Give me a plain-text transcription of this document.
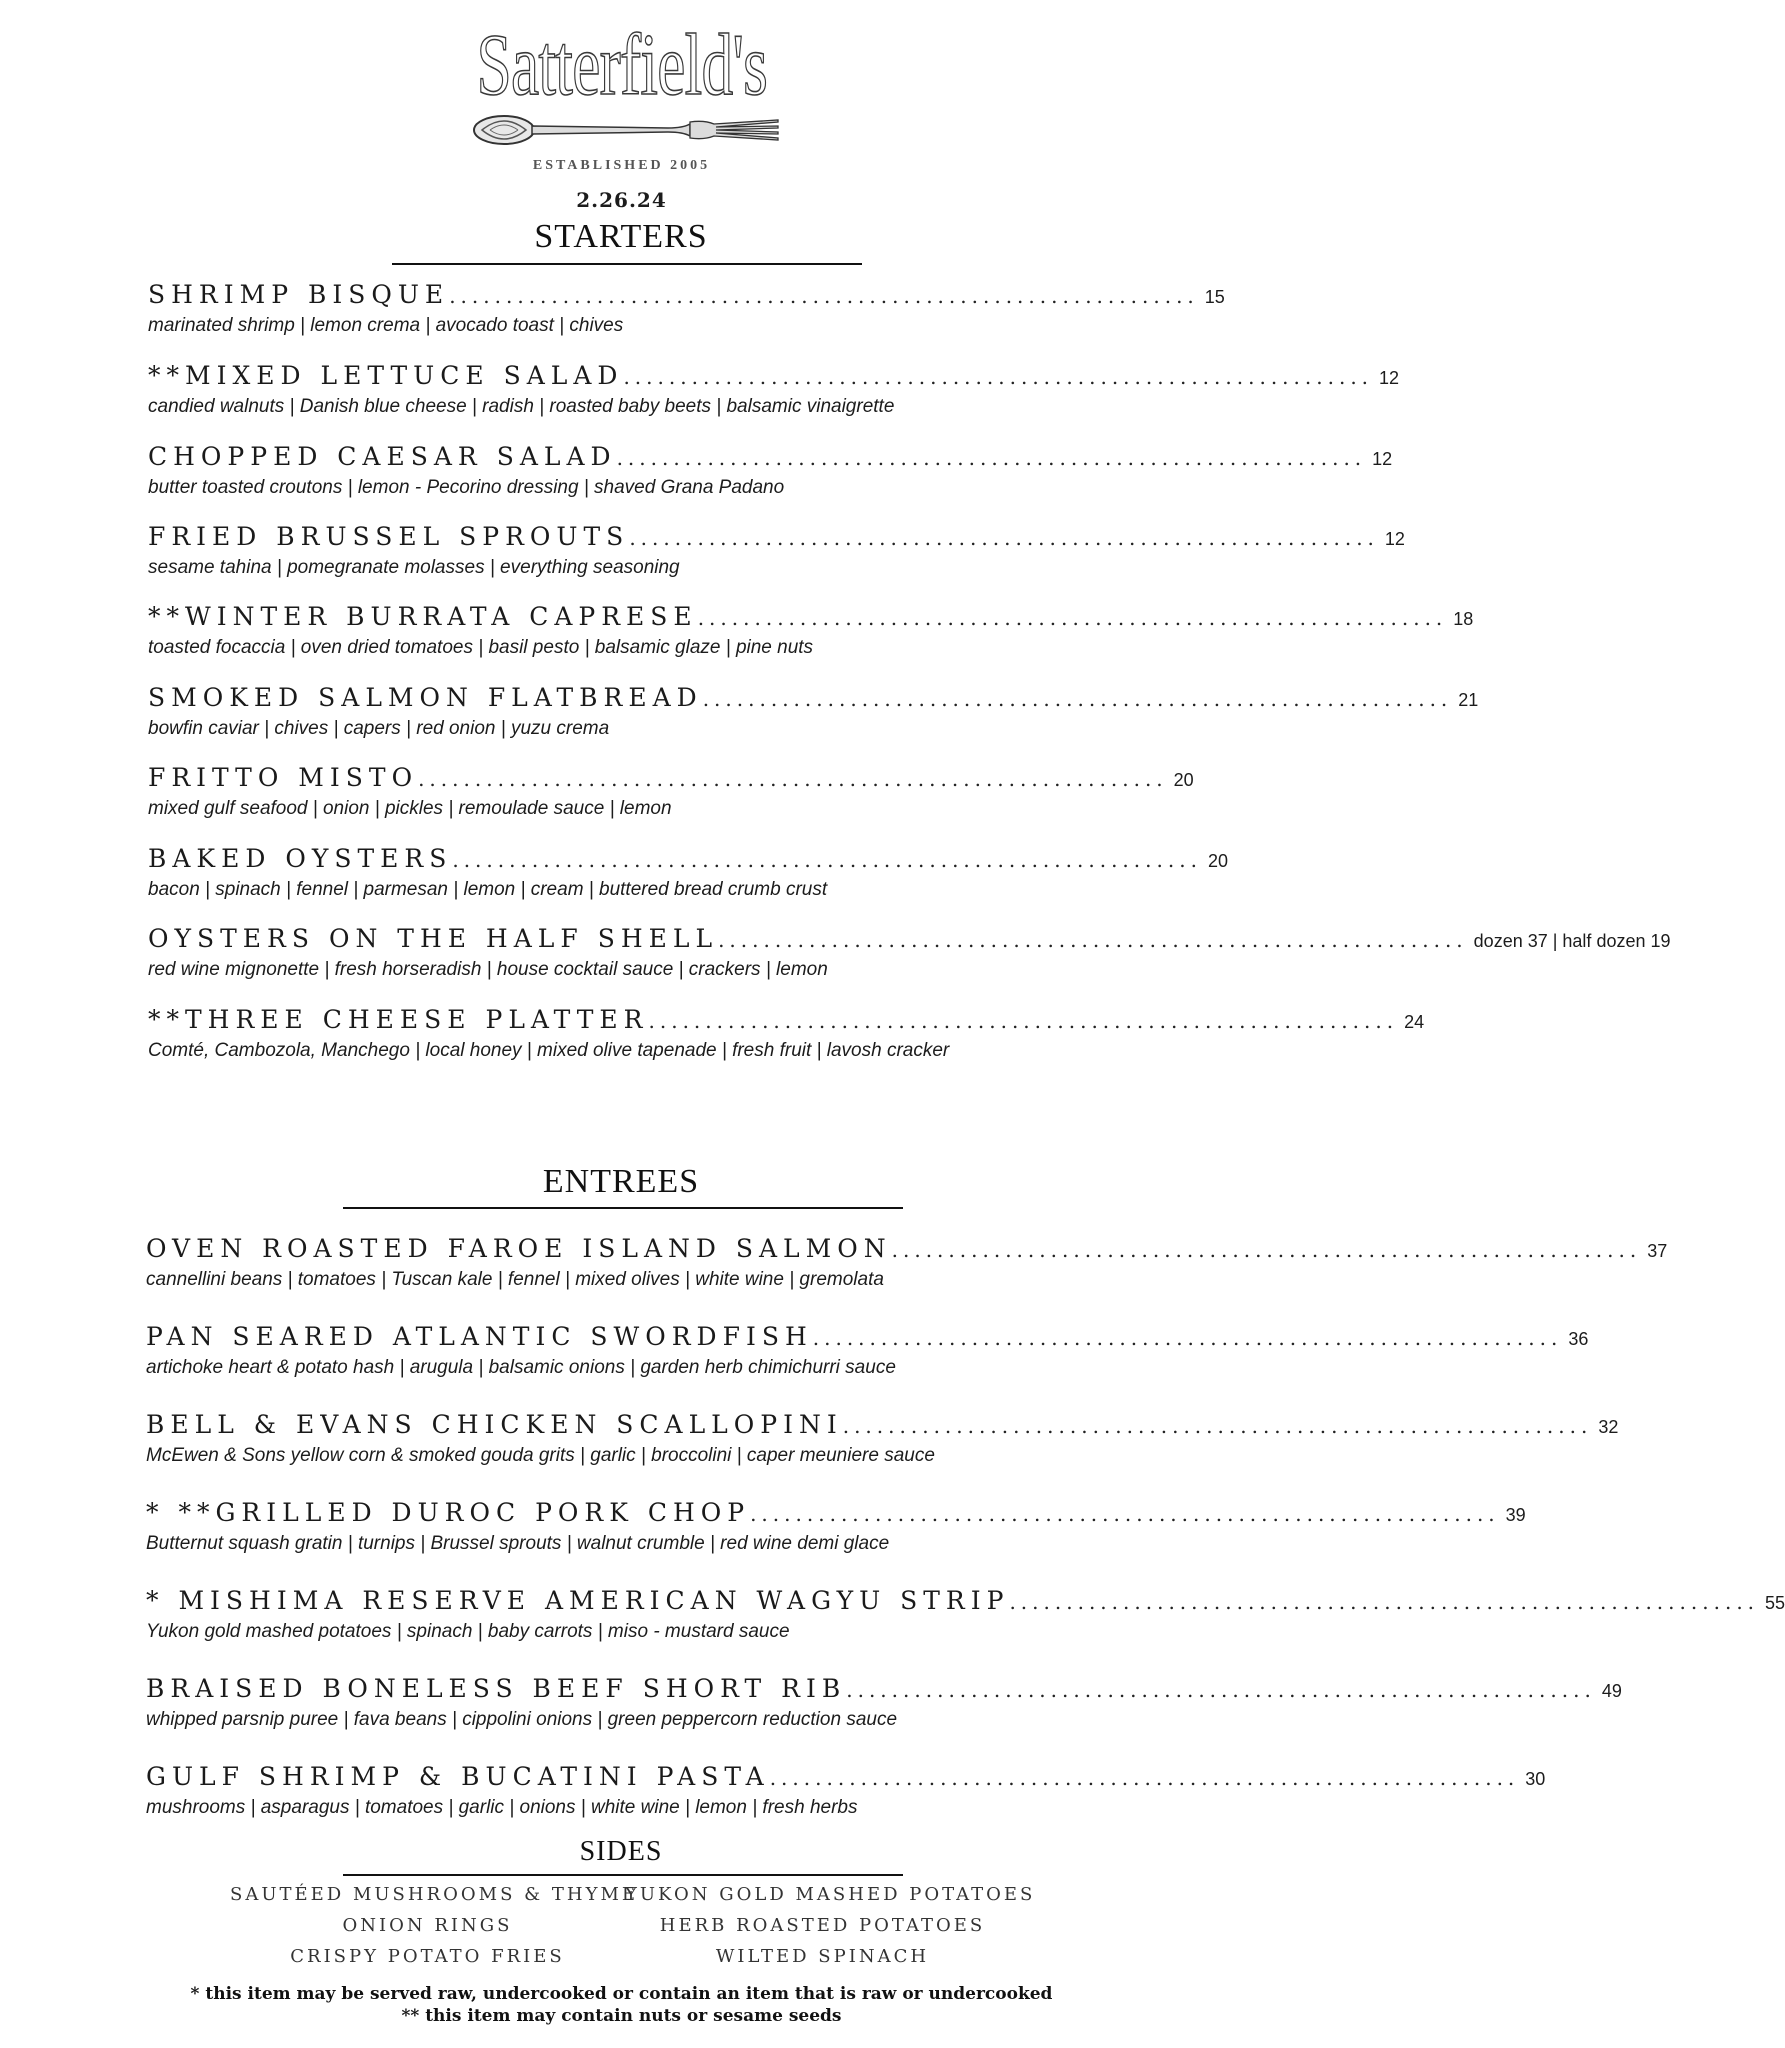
Satterfield's
ESTABLISHED 2005
2.26.24
STARTERS
SHRIMP BISQUE .................................................................. 15
marinated shrimp | lemon crema | avocado toast | chives
**MIXED LETTUCE SALAD .................................................................. 12
candied walnuts | Danish blue cheese | radish | roasted baby beets | balsamic vinaigrette
CHOPPED CAESAR SALAD .................................................................. 12
butter toasted croutons | lemon - Pecorino dressing | shaved Grana Padano
FRIED BRUSSEL SPROUTS .................................................................. 12
sesame tahina | pomegranate molasses | everything seasoning
**WINTER BURRATA CAPRESE .................................................................. 18
toasted focaccia | oven dried tomatoes | basil pesto | balsamic glaze | pine nuts
SMOKED SALMON FLATBREAD .................................................................. 21
bowfin caviar | chives | capers | red onion | yuzu crema
FRITTO MISTO .................................................................. 20
mixed gulf seafood | onion | pickles | remoulade sauce | lemon
BAKED OYSTERS .................................................................. 20
bacon | spinach | fennel | parmesan | lemon | cream | buttered bread crumb crust
OYSTERS ON THE HALF SHELL .................................................................. dozen 37 | half dozen 19
red wine mignonette | fresh horseradish | house cocktail sauce | crackers | lemon
**THREE CHEESE PLATTER .................................................................. 24
Comté, Cambozola, Manchego | local honey | mixed olive tapenade | fresh fruit | lavosh cracker
ENTREES
OVEN ROASTED FAROE ISLAND SALMON .................................................................. 37
cannellini beans | tomatoes | Tuscan kale | fennel | mixed olives | white wine | gremolata
PAN SEARED ATLANTIC SWORDFISH .................................................................. 36
artichoke heart & potato hash | arugula | balsamic onions | garden herb chimichurri sauce
BELL & EVANS CHICKEN SCALLOPINI .................................................................. 32
McEwen & Sons yellow corn & smoked gouda grits | garlic | broccolini | caper meuniere sauce
* **GRILLED DUROC PORK CHOP .................................................................. 39
Butternut squash gratin | turnips | Brussel sprouts | walnut crumble | red wine demi glace
* MISHIMA RESERVE AMERICAN WAGYU STRIP .................................................................. 55
Yukon gold mashed potatoes | spinach | baby carrots | miso - mustard sauce
BRAISED BONELESS BEEF SHORT RIB .................................................................. 49
whipped parsnip puree | fava beans | cippolini onions | green peppercorn reduction sauce
GULF SHRIMP & BUCATINI PASTA .................................................................. 30
mushrooms | asparagus | tomatoes | garlic | onions | white wine | lemon | fresh herbs
SIDES
SAUTÉED MUSHROOMS & THYME
YUKON GOLD MASHED POTATOES
ONION RINGS	HERB ROASTED POTATOES
CRISPY POTATO FRIES	WILTED SPINACH
* this item may be served raw, undercooked or contain an item that is raw or undercooked
** this item may contain nuts or sesame seeds
